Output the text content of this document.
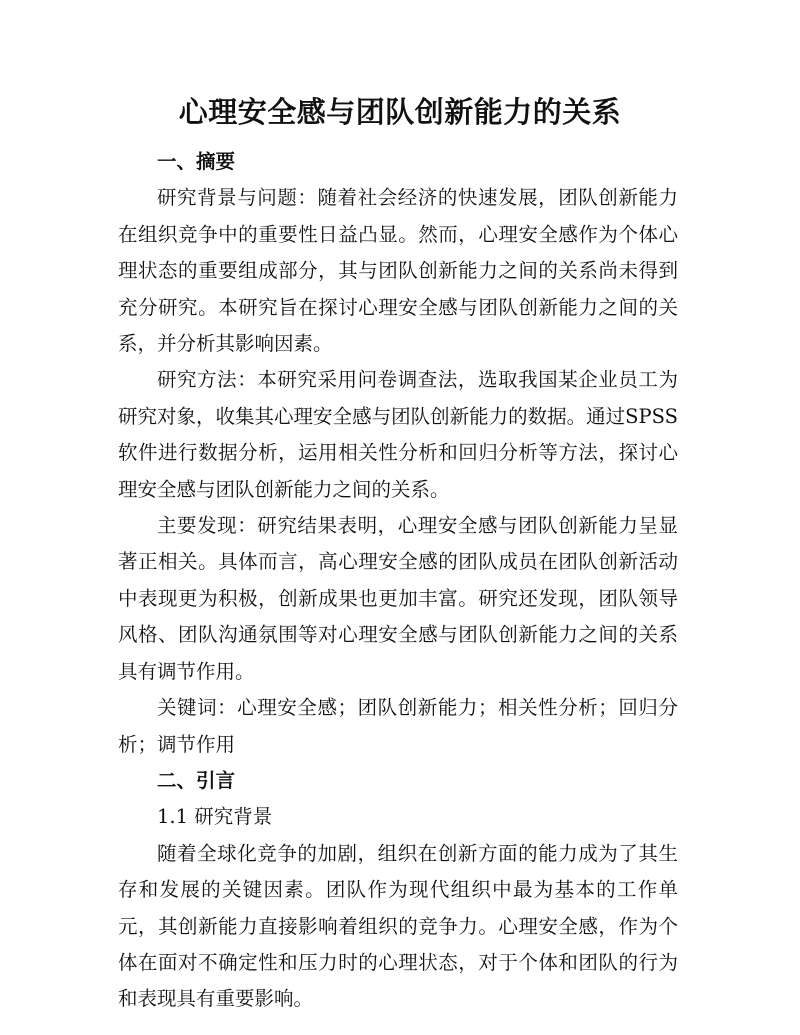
心理安全感与团队创新能力的关系

一、摘要

研究背景与问题：随着社会经济的快速发展，团队创新能力在组织竞争中的重要性日益凸显。然而，心理安全感作为个体心理状态的重要组成部分，其与团队创新能力之间的关系尚未得到充分研究。本研究旨在探讨心理安全感与团队创新能力之间的关系，并分析其影响因素。

研究方法：本研究采用问卷调查法，选取我国某企业员工为研究对象，收集其心理安全感与团队创新能力的数据。通过SPSS软件进行数据分析，运用相关性分析和回归分析等方法，探讨心理安全感与团队创新能力之间的关系。

主要发现：研究结果表明，心理安全感与团队创新能力呈显著正相关。具体而言，高心理安全感的团队成员在团队创新活动中表现更为积极，创新成果也更加丰富。研究还发现，团队领导风格、团队沟通氛围等对心理安全感与团队创新能力之间的关系具有调节作用。

关键词：心理安全感；团队创新能力；相关性分析；回归分析；调节作用

二、引言

1.1 研究背景

随着全球化竞争的加剧，组织在创新方面的能力成为了其生存和发展的关键因素。团队作为现代组织中最为基本的工作单元，其创新能力直接影响着组织的竞争力。心理安全感，作为个体在面对不确定性和压力时的心理状态，对于个体和团队的行为和表现具有重要影响。
